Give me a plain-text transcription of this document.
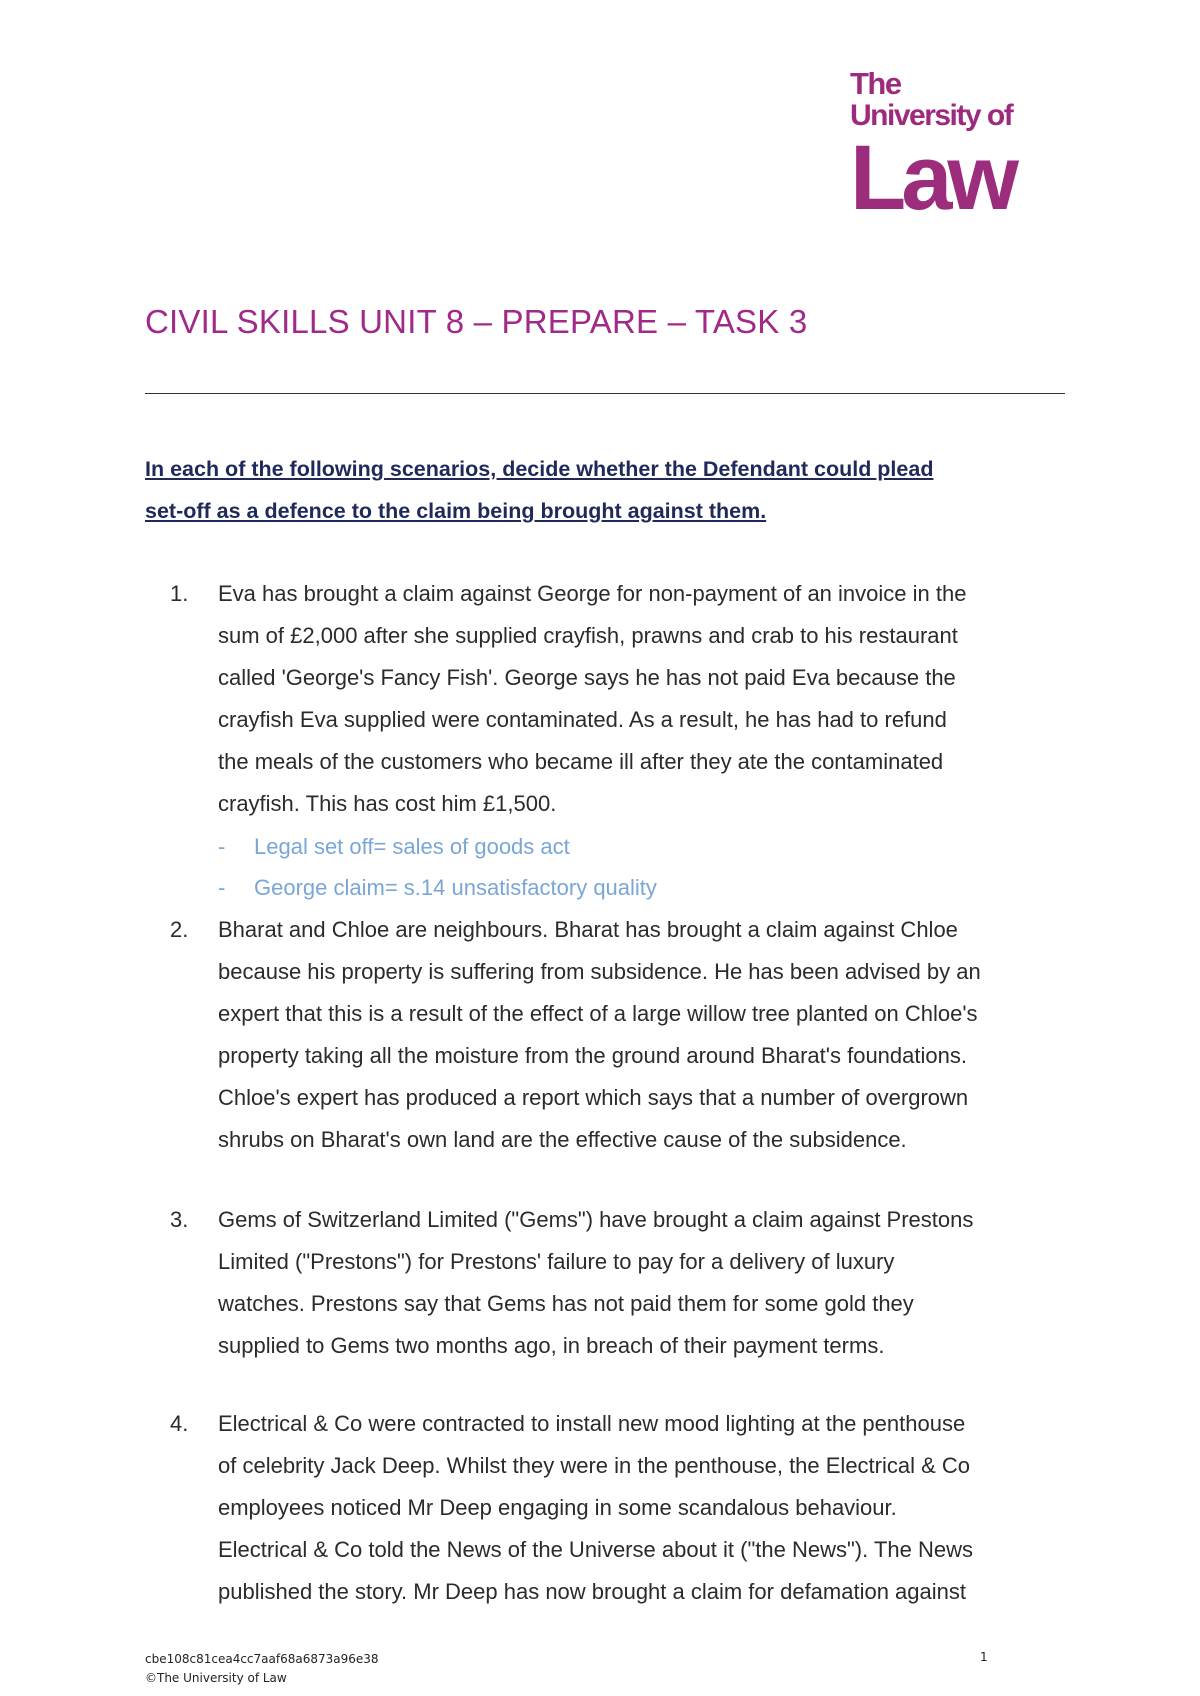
The
University of
Law
CIVIL SKILLS UNIT 8 – PREPARE – TASK 3
In each of the following scenarios, decide whether the Defendant could plead
set-off as a defence to the claim being brought against them.
1.	Eva has brought a claim against George for non-payment of an invoice in the
sum of £2,000 after she supplied crayfish, prawns and crab to his restaurant
called 'George's Fancy Fish'. George says he has not paid Eva because the
crayfish Eva supplied were contaminated. As a result, he has had to refund
the meals of the customers who became ill after they ate the contaminated
crayfish. This has cost him £1,500.
- Legal set off= sales of goods act
- George claim= s.14 unsatisfactory quality
2.	Bharat and Chloe are neighbours. Bharat has brought a claim against Chloe
because his property is suffering from subsidence. He has been advised by an
expert that this is a result of the effect of a large willow tree planted on Chloe's
property taking all the moisture from the ground around Bharat's foundations.
Chloe's expert has produced a report which says that a number of overgrown
shrubs on Bharat's own land are the effective cause of the subsidence.
3.	Gems of Switzerland Limited ("Gems") have brought a claim against Prestons
Limited ("Prestons") for Prestons' failure to pay for a delivery of luxury
watches. Prestons say that Gems has not paid them for some gold they
supplied to Gems two months ago, in breach of their payment terms.
4.	Electrical & Co were contracted to install new mood lighting at the penthouse
of celebrity Jack Deep. Whilst they were in the penthouse, the Electrical & Co
employees noticed Mr Deep engaging in some scandalous behaviour.
Electrical & Co told the News of the Universe about it ("the News"). The News
published the story. Mr Deep has now brought a claim for defamation against
cbe108c81cea4cc7aaf68a6873a96e38
©The University of Law
1
